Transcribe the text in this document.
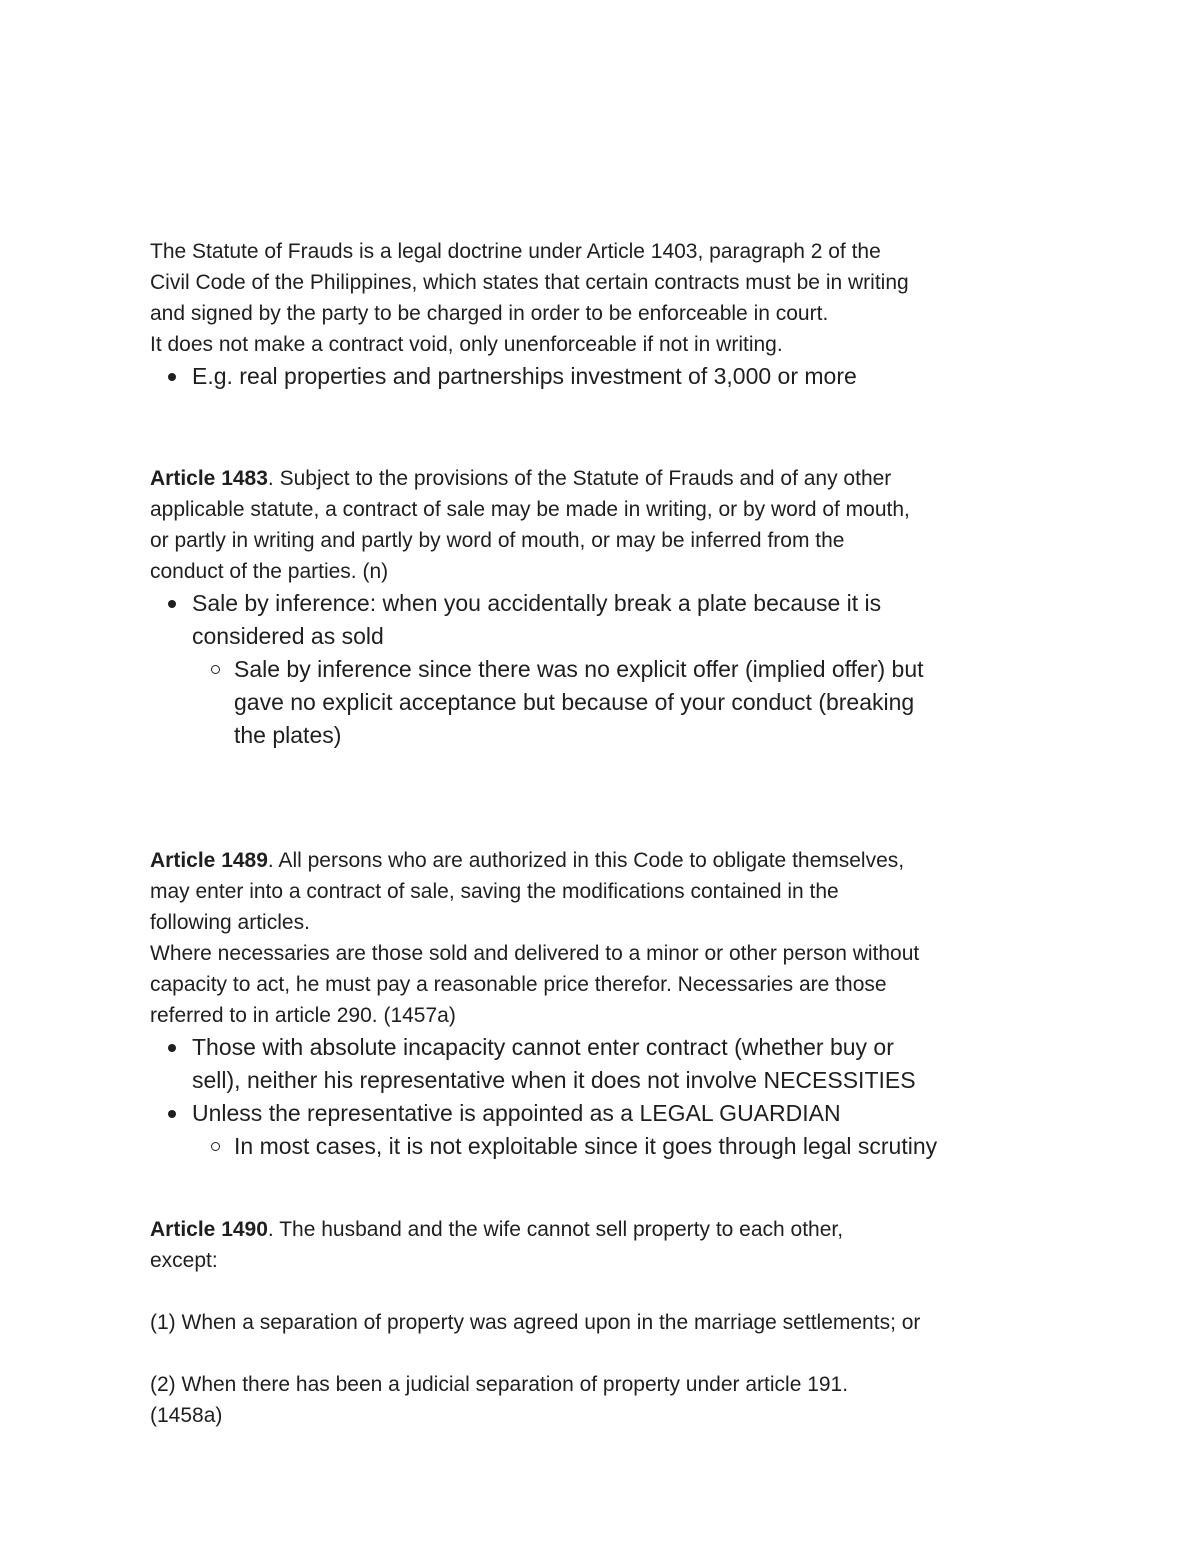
The Statute of Frauds is a legal doctrine under Article 1403, paragraph 2 of the
Civil Code of the Philippines, which states that certain contracts must be in writing
and signed by the party to be charged in order to be enforceable in court.
It does not make a contract void, only unenforceable if not in writing.

E.g. real properties and partnerships investment of 3,000 or more

Article 1483. Subject to the provisions of the Statute of Frauds and of any other
applicable statute, a contract of sale may be made in writing, or by word of mouth,
or partly in writing and partly by word of mouth, or may be inferred from the
conduct of the parties. (n)

Sale by inference: when you accidentally break a plate because it is
considered as sold
Sale by inference since there was no explicit offer (implied offer) but
gave no explicit acceptance but because of your conduct (breaking
the plates)

Article 1489. All persons who are authorized in this Code to obligate themselves,
may enter into a contract of sale, saving the modifications contained in the
following articles.
Where necessaries are those sold and delivered to a minor or other person without
capacity to act, he must pay a reasonable price therefor. Necessaries are those
referred to in article 290. (1457a)

Those with absolute incapacity cannot enter contract (whether buy or
sell), neither his representative when it does not involve NECESSITIES
Unless the representative is appointed as a LEGAL GUARDIAN
In most cases, it is not exploitable since it goes through legal scrutiny

Article 1490. The husband and the wife cannot sell property to each other,
except:

(1) When a separation of property was agreed upon in the marriage settlements; or

(2) When there has been a judicial separation of property under article 191.
(1458a)
